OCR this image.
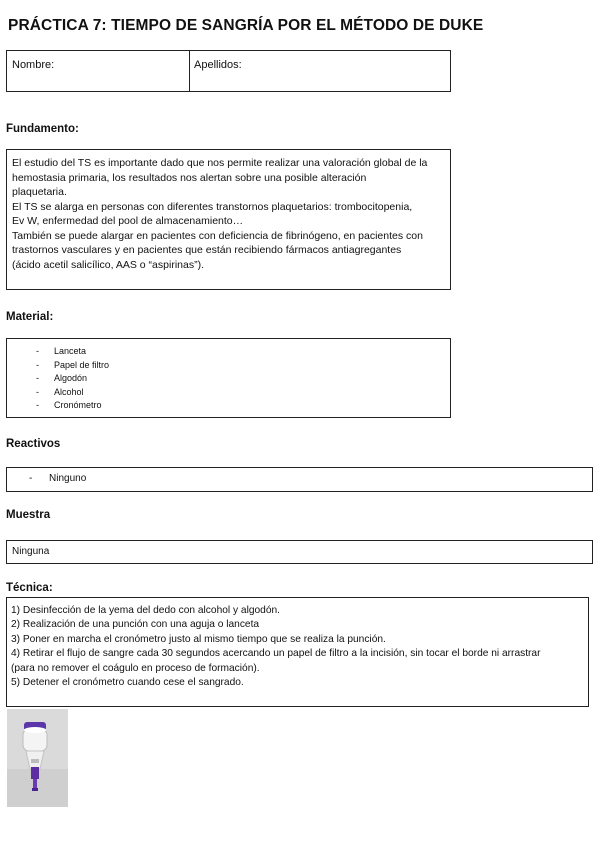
PRÁCTICA 7: TIEMPO DE SANGRÍA POR EL MÉTODO DE DUKE
Nombre:	Apellidos:
Fundamento:
El estudio del TS es importante dado que nos permite realizar una valoración global de la
hemostasia primaria, los resultados nos alertan sobre una posible alteración
plaquetaria.
El TS se alarga en personas con diferentes transtornos plaquetarios: trombocitopenia,
Ev W, enfermedad del pool de almacenamiento…
También se puede alargar en pacientes con deficiencia de fibrinógeno, en pacientes con
trastornos vasculares y en pacientes que están recibiendo fármacos antiagregantes
(ácido acetil salicílico, AAS o “aspirinas”).
Material:
- Lanceta
- Papel de filtro
- Algodón
- Alcohol
- Cronómetro
Reactivos
- Ninguno
Muestra
Ninguna
Técnica:
1) Desinfección de la yema del dedo con alcohol y algodón.
2) Realización de una punción con una aguja o lanceta
3) Poner en marcha el cronómetro justo al mismo tiempo que se realiza la punción.
4) Retirar el flujo de sangre cada 30 segundos acercando un papel de filtro a la incisión, sin tocar el borde ni arrastrar
(para no remover el coágulo en proceso de formación).
5) Detener el cronómetro cuando cese el sangrado.
